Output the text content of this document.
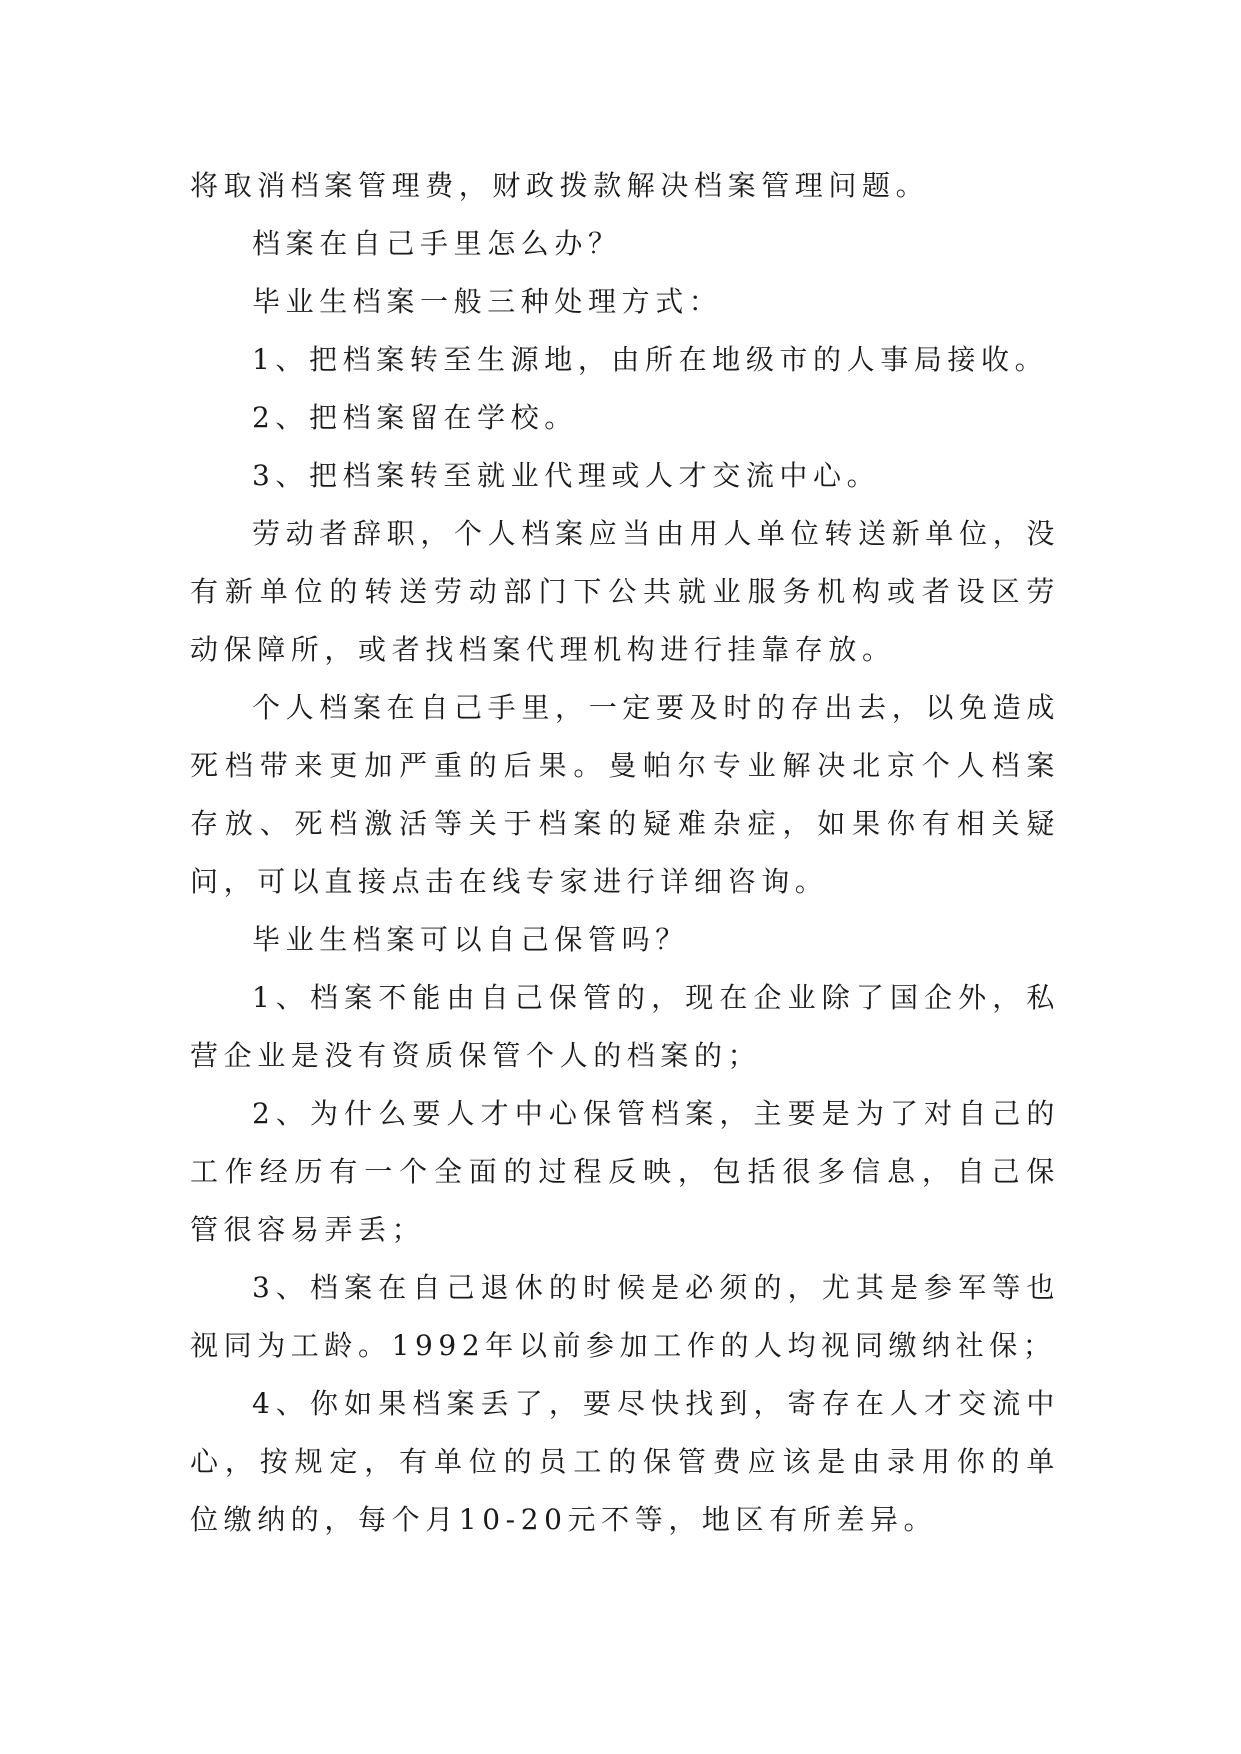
将取消档案管理费，财政拨款解决档案管理问题。

档案在自己手里怎么办？

毕业生档案一般三种处理方式：

1、把档案转至生源地，由所在地级市的人事局接收。

2、把档案留在学校。

3、把档案转至就业代理或人才交流中心。

劳动者辞职，个人档案应当由用人单位转送新单位，没有新单位的转送劳动部门下公共就业服务机构或者设区劳动保障所，或者找档案代理机构进行挂靠存放。

个人档案在自己手里，一定要及时的存出去，以免造成死档带来更加严重的后果。曼帕尔专业解决北京个人档案存放、死档激活等关于档案的疑难杂症，如果你有相关疑问，可以直接点击在线专家进行详细咨询。

毕业生档案可以自己保管吗？

1、档案不能由自己保管的，现在企业除了国企外，私营企业是没有资质保管个人的档案的；

2、为什么要人才中心保管档案，主要是为了对自己的工作经历有一个全面的过程反映，包括很多信息，自己保管很容易弄丢；

3、档案在自己退休的时候是必须的，尤其是参军等也视同为工龄。1992年以前参加工作的人均视同缴纳社保；

4、你如果档案丢了，要尽快找到，寄存在人才交流中心，按规定，有单位的员工的保管费应该是由录用你的单位缴纳的，每个月10-20元不等，地区有所差异。
